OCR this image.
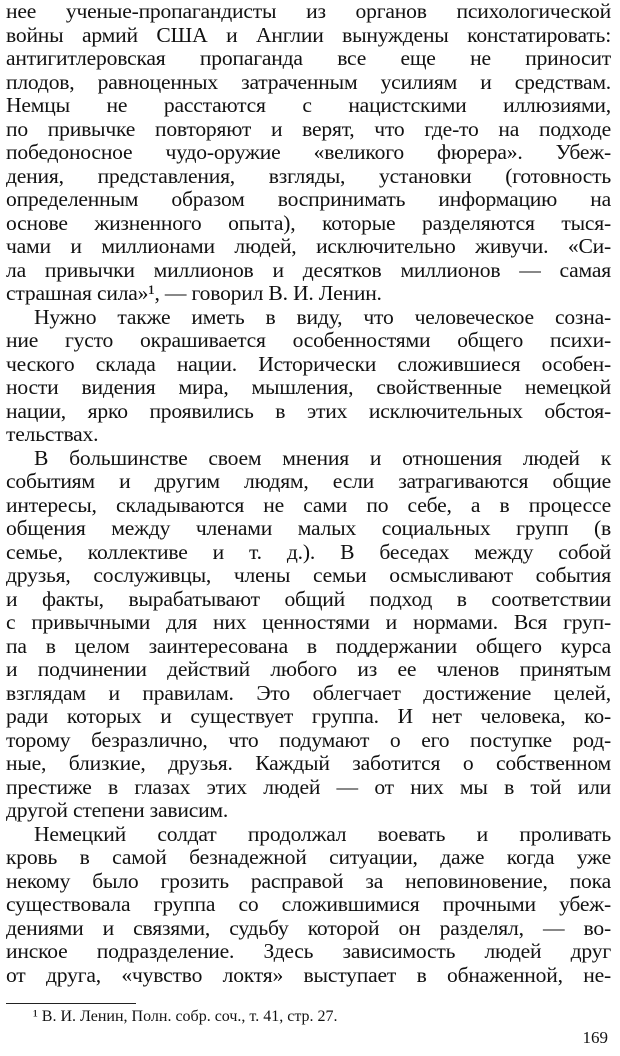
нее ученые-пропагандисты из органов психологической
войны армий США и Англии вынуждены констатировать:
антигитлеровская пропаганда все еще не приносит
плодов, равноценных затраченным усилиям и средствам.
Немцы не расстаются с нацистскими иллюзиями,
по привычке повторяют и верят, что где-то на подходе
победоносное чудо-оружие «великого фюрера». Убеж-
дения, представления, взгляды, установки (готовность
определенным образом воспринимать информацию на
основе жизненного опыта), которые разделяются тыся-
чами и миллионами людей, исключительно живучи. «Си-
ла привычки миллионов и десятков миллионов — самая
страшная сила»¹, — говорил В. И. Ленин.
Нужно также иметь в виду, что человеческое созна-
ние густо окрашивается особенностями общего психи-
ческого склада нации. Исторически сложившиеся особен-
ности видения мира, мышления, свойственные немецкой
нации, ярко проявились в этих исключительных обстоя-
тельствах.
В большинстве своем мнения и отношения людей к
событиям и другим людям, если затрагиваются общие
интересы, складываются не сами по себе, а в процессе
общения между членами малых социальных групп (в
семье, коллективе и т. д.). В беседах между собой
друзья, сослуживцы, члены семьи осмысливают события
и факты, вырабатывают общий подход в соответствии
с привычными для них ценностями и нормами. Вся груп-
па в целом заинтересована в поддержании общего курса
и подчинении действий любого из ее членов принятым
взглядам и правилам. Это облегчает достижение целей,
ради которых и существует группа. И нет человека, ко-
торому безразлично, что подумают о его поступке род-
ные, близкие, друзья. Каждый заботится о собственном
престиже в глазах этих людей — от них мы в той или
другой степени зависим.
Немецкий солдат продолжал воевать и проливать
кровь в самой безнадежной ситуации, даже когда уже
некому было грозить расправой за неповиновение, пока
существовала группа со сложившимися прочными убеж-
дениями и связями, судьбу которой он разделял, — во-
инское подразделение. Здесь зависимость людей друг
от друга, «чувство локтя» выступает в обнаженной, не-
¹ В. И. Ленин, Полн. собр. соч., т. 41, стр. 27.
169
